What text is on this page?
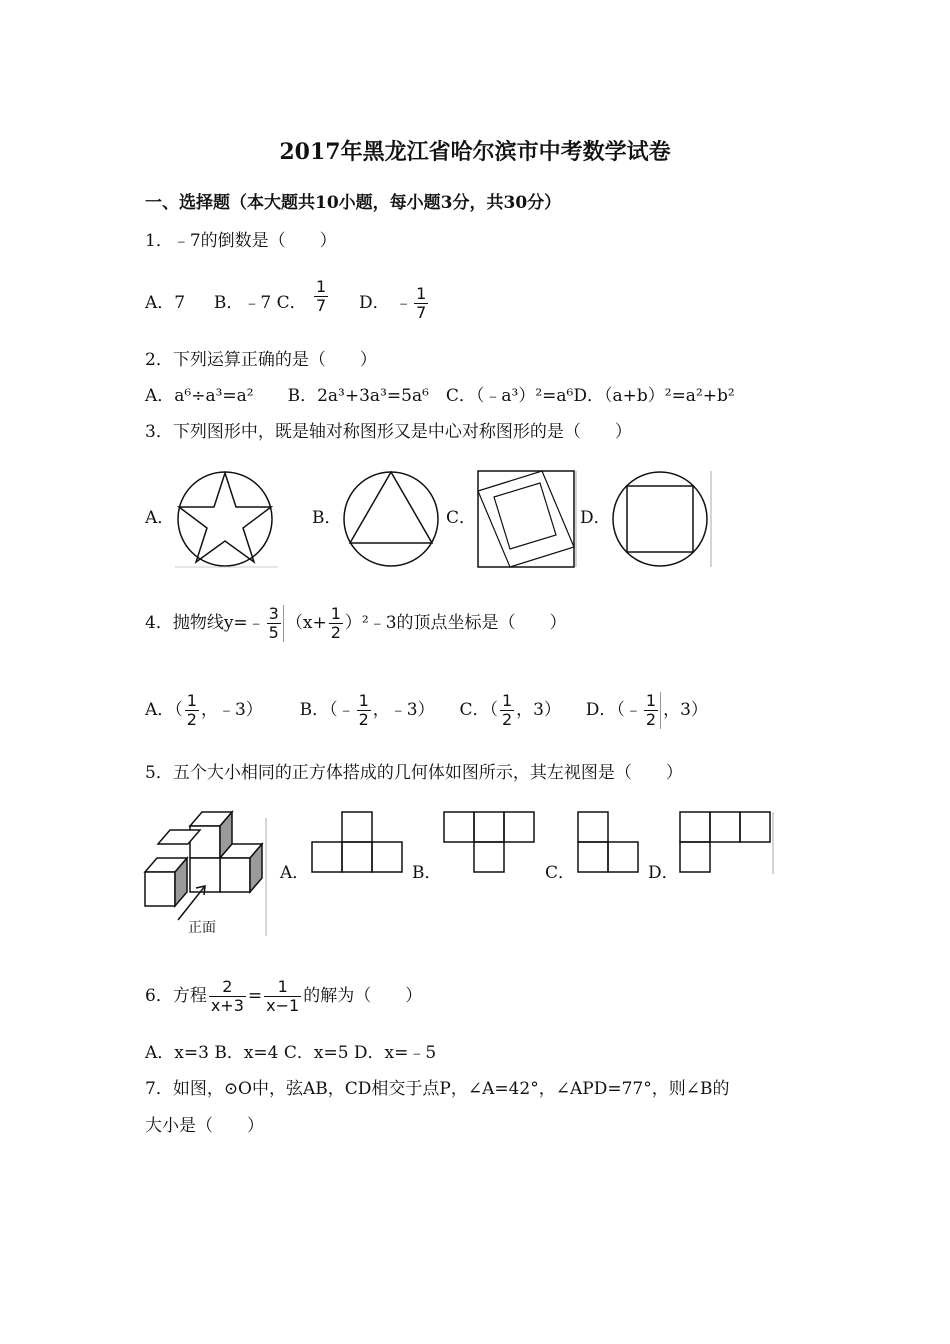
2017年黑龙江省哈尔滨市中考数学试卷
一、选择题（本大题共10小题，每小题3分，共30分）
1．﹣7的倒数是（　　）
A．7 B．﹣7 C． $\frac{1}{7}$ D． ﹣ $\frac{1}{7}$
2．下列运算正确的是（　　）
A．a⁶÷a³=a²　　B．2a³+3a³=5a⁶　C．（﹣a³）²=a⁶D．（a+b）²=a²+b²
3．下列图形中，既是轴对称图形又是中心对称图形的是（　　）
A．	B．	C．	D．
4．抛物线y=﹣ $\frac{3}{5} (x+ \frac{1}{2}$ ）²﹣3的顶点坐标是（　　）
A．（ $\frac{1}{2}$ ，﹣3） B．（﹣ $\frac{1}{2}$ ，﹣3） C．（ $\frac{1}{2}$ ，3） D．（﹣ $\frac{1}{2}$ ，3）
5．五个大小相同的正方体搭成的几何体如图所示，其左视图是（　　）
正面
A．	B．	C．	D．
6．方程 $\frac{2}{x+3} = \frac{1}{x-1}$ 的解为（　　）
A．x=3 B．x=4 C．x=5 D．x=﹣5
7．如图，⊙O中，弦AB，CD相交于点P，∠A=42°，∠APD=77°，则∠B的
大小是（　　）
